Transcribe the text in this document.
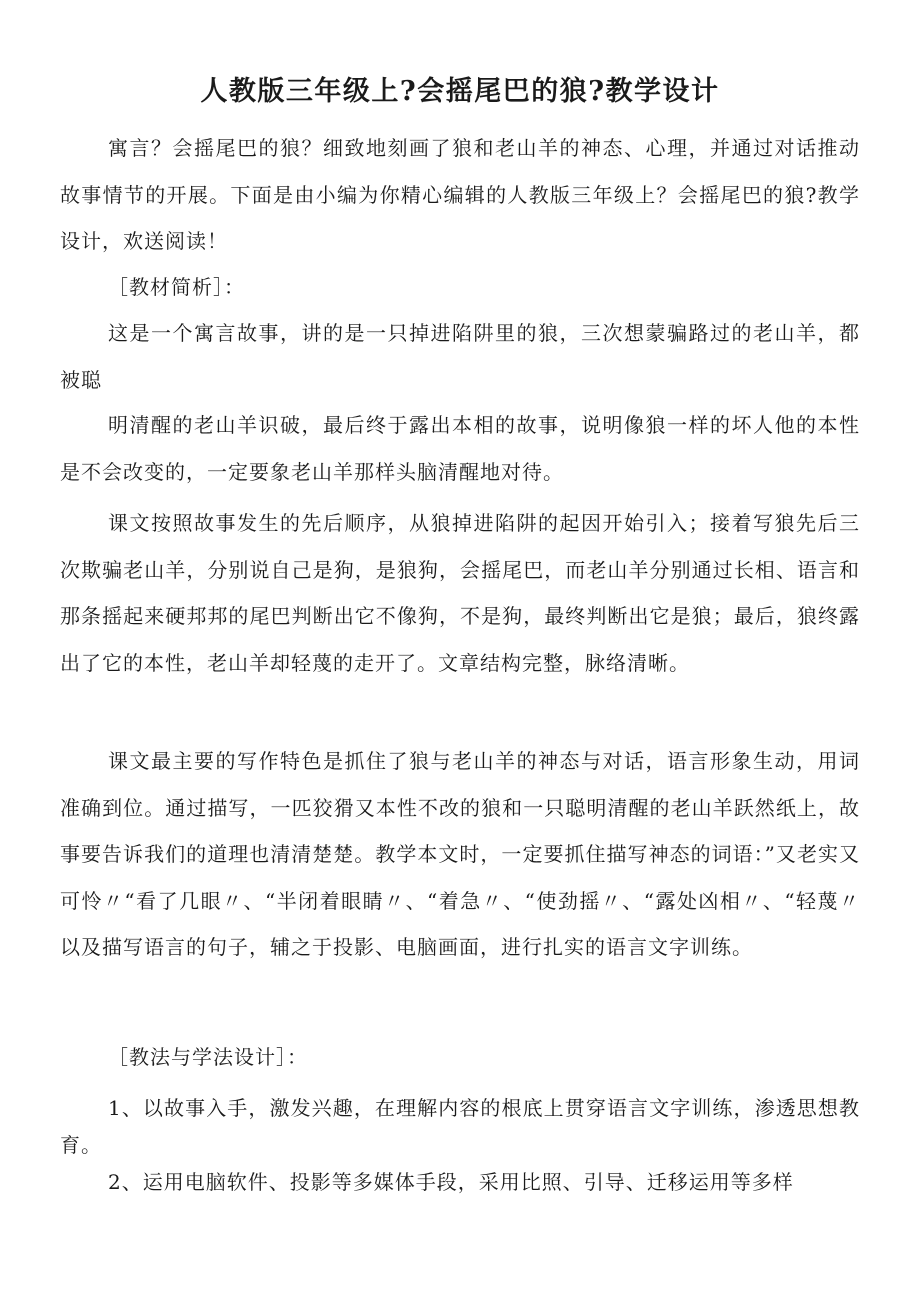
人教版三年级上?会摇尾巴的狼?教学设计

寓言？会摇尾巴的狼？细致地刻画了狼和老山羊的神态、心理，并通过对话推动故事情节的开展。下面是由小编为你精心编辑的人教版三年级上？会摇尾巴的狼?教学设计，欢送阅读！

［教材简析］：

这是一个寓言故事，讲的是一只掉进陷阱里的狼，三次想蒙骗路过的老山羊，都被聪

明清醒的老山羊识破，最后终于露出本相的故事，说明像狼一样的坏人他的本性是不会改变的，一定要象老山羊那样头脑清醒地对待。

课文按照故事发生的先后顺序，从狼掉进陷阱的起因开始引入；接着写狼先后三次欺骗老山羊，分别说自己是狗，是狼狗，会摇尾巴，而老山羊分别通过长相、语言和那条摇起来硬邦邦的尾巴判断出它不像狗，不是狗，最终判断出它是狼；最后，狼终露出了它的本性，老山羊却轻蔑的走开了。文章结构完整，脉络清晰。

课文最主要的写作特色是抓住了狼与老山羊的神态与对话，语言形象生动，用词准确到位。通过描写，一匹狡猾又本性不改的狼和一只聪明清醒的老山羊跃然纸上，故事要告诉我们的道理也清清楚楚。教学本文时，一定要抓住描写神态的词语：”又老实又可怜〃“看了几眼〃、“半闭着眼睛〃、“着急〃、“使劲摇〃、“露处凶相〃、“轻蔑〃以及描写语言的句子，辅之于投影、电脑画面，进行扎实的语言文字训练。

［教法与学法设计］：

1、以故事入手，激发兴趣，在理解内容的根底上贯穿语言文字训练，渗透思想教育。

2、运用电脑软件、投影等多媒体手段，采用比照、引导、迁移运用等多样
